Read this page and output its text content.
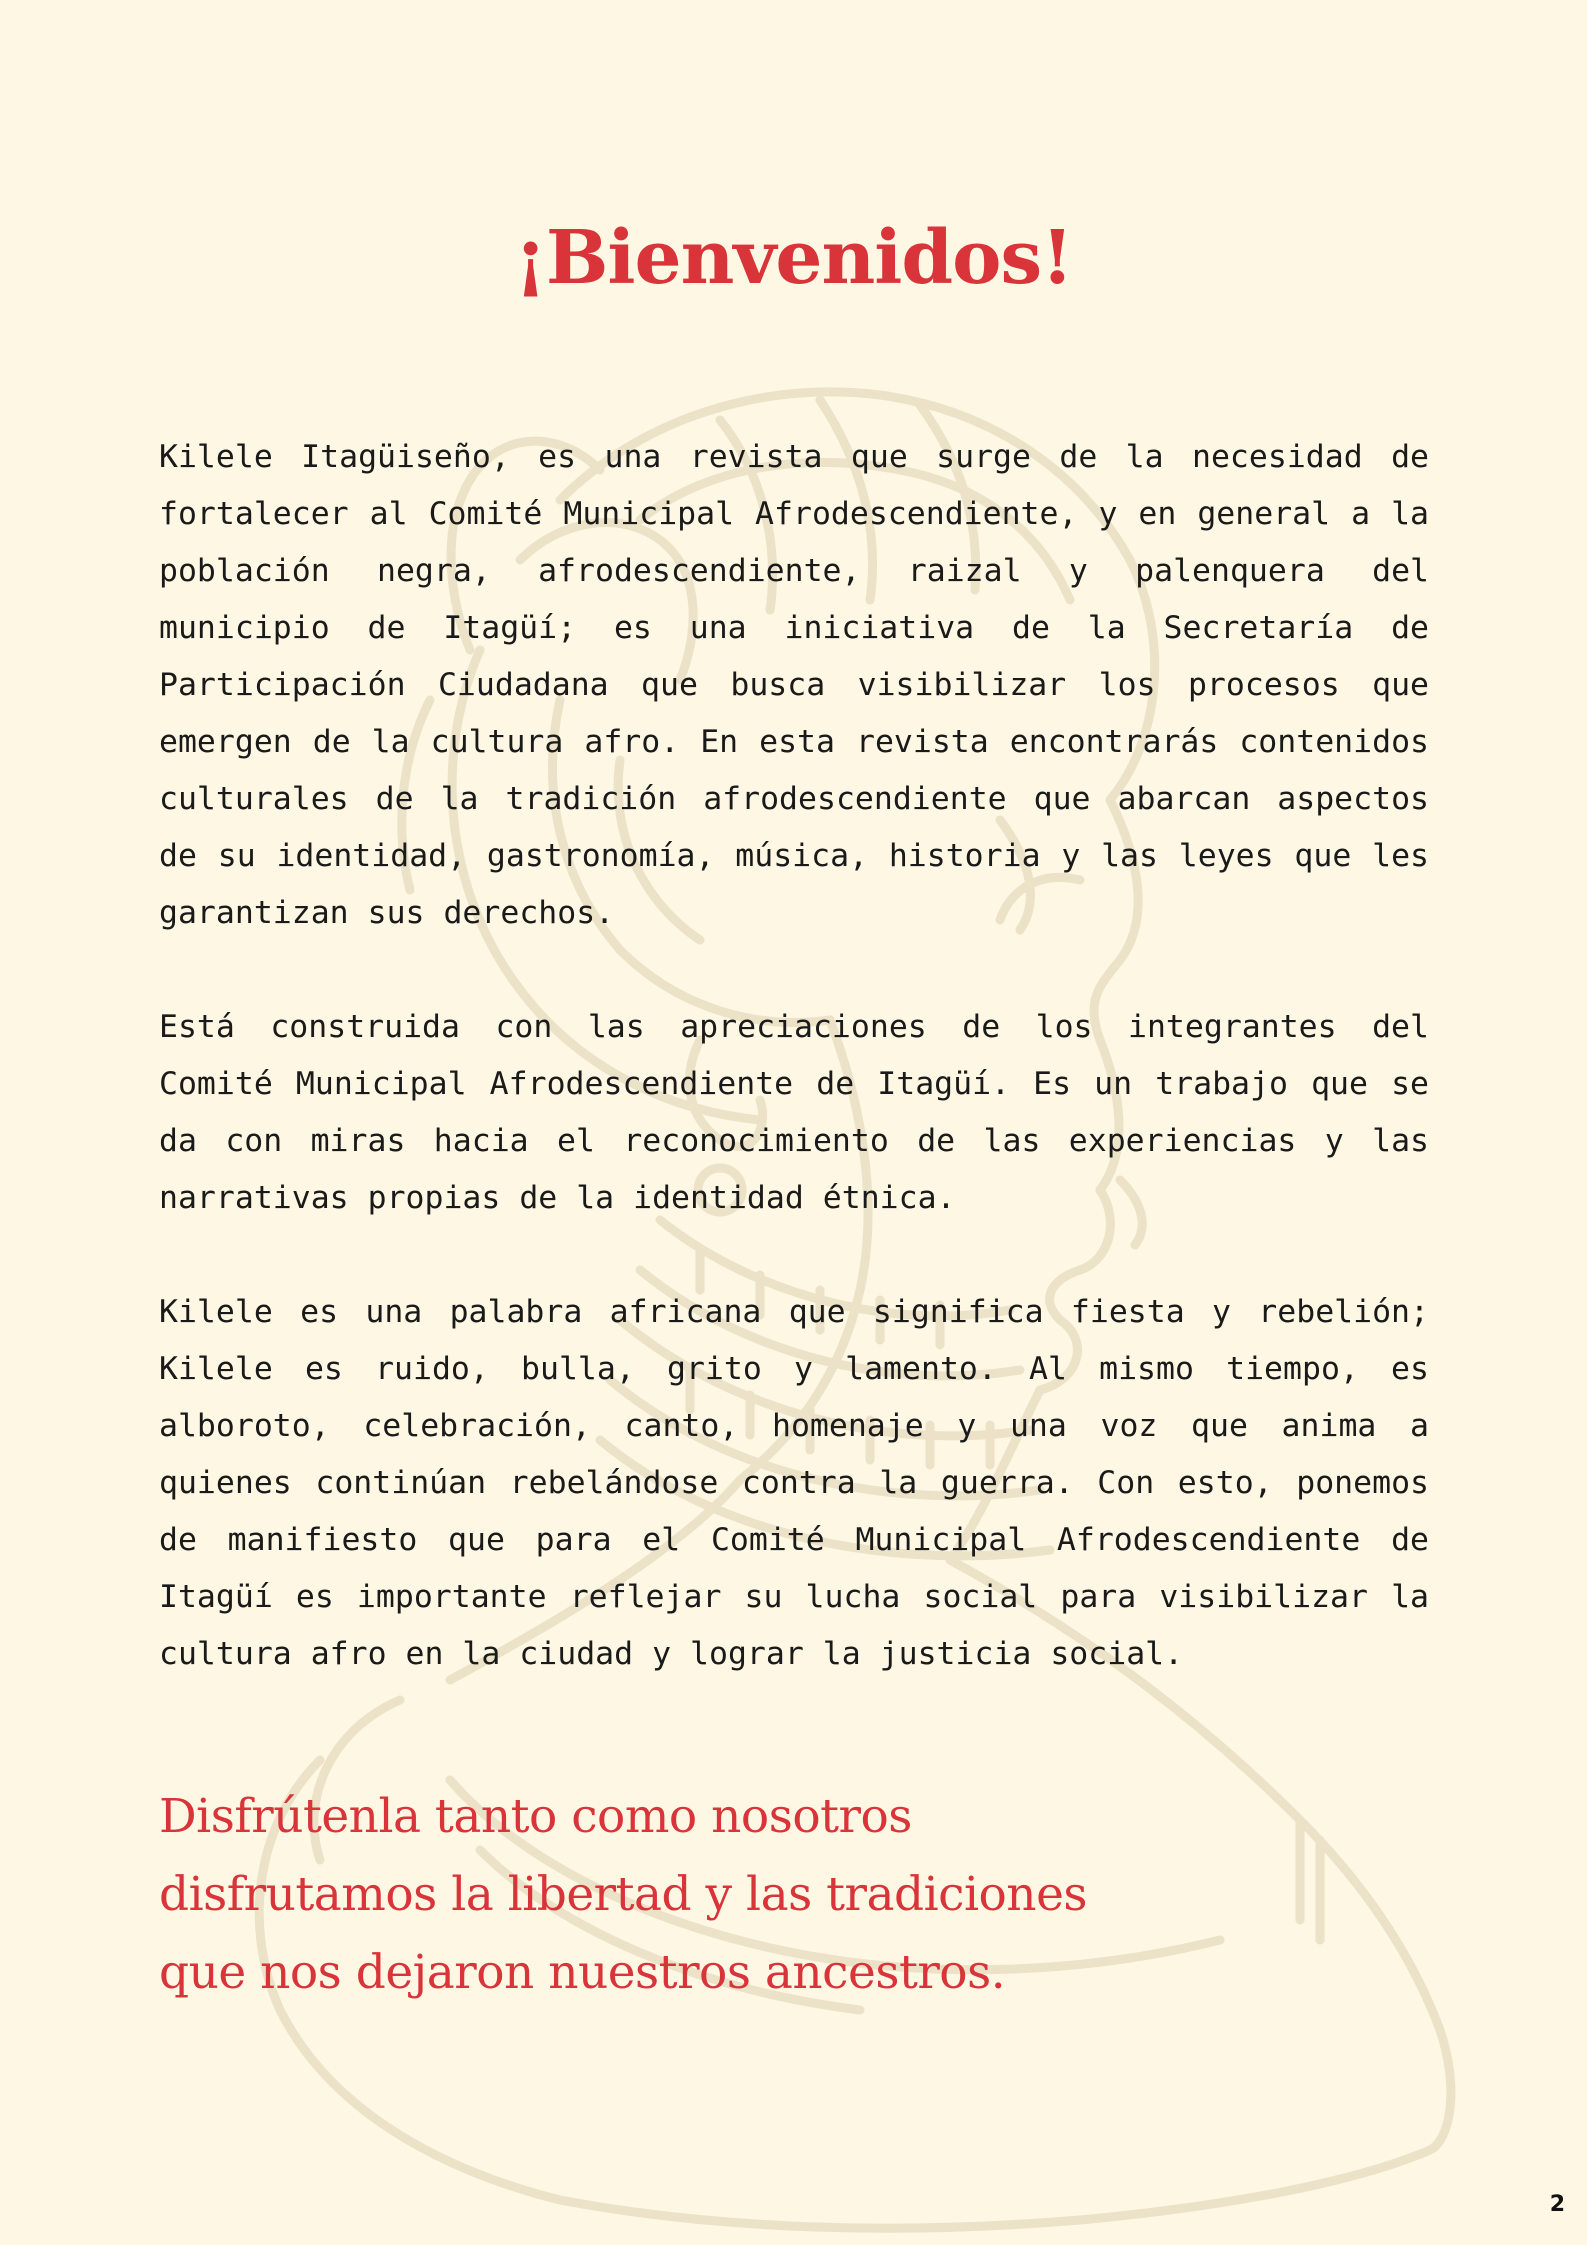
¡Bienvenidos!

Kilele Itagüiseño, es una revista que surge de la necesidad de fortalecer al Comité Municipal Afrodescendiente, y en general a la población negra, afrodescendiente, raizal y palenquera del municipio de Itagüí; es una iniciativa de la Secretaría de Participación Ciudadana que busca visibilizar los procesos que emergen de la cultura afro. En esta revista encontrarás contenidos culturales de la tradición afrodescendiente que abarcan aspectos de su identidad, gastronomía, música, historia y las leyes que les garantizan sus derechos.

Está construida con las apreciaciones de los integrantes del Comité Municipal Afrodescendiente de Itagüí. Es un trabajo que se da con miras hacia el reconocimiento de las experiencias y las narrativas propias de la identidad étnica.

Kilele es una palabra africana que significa fiesta y rebelión; Kilele es ruido, bulla, grito y lamento. Al mismo tiempo, es alboroto, celebración, canto, homenaje y una voz que anima a quienes continúan rebelándose contra la guerra. Con esto, ponemos de manifiesto que para el Comité Municipal Afrodescendiente de Itagüí es importante reflejar su lucha social para visibilizar la cultura afro en la ciudad y lograr la justicia social.

Disfrútenla tanto como nosotros disfrutamos la libertad y las tradiciones que nos dejaron nuestros ancestros.

2
